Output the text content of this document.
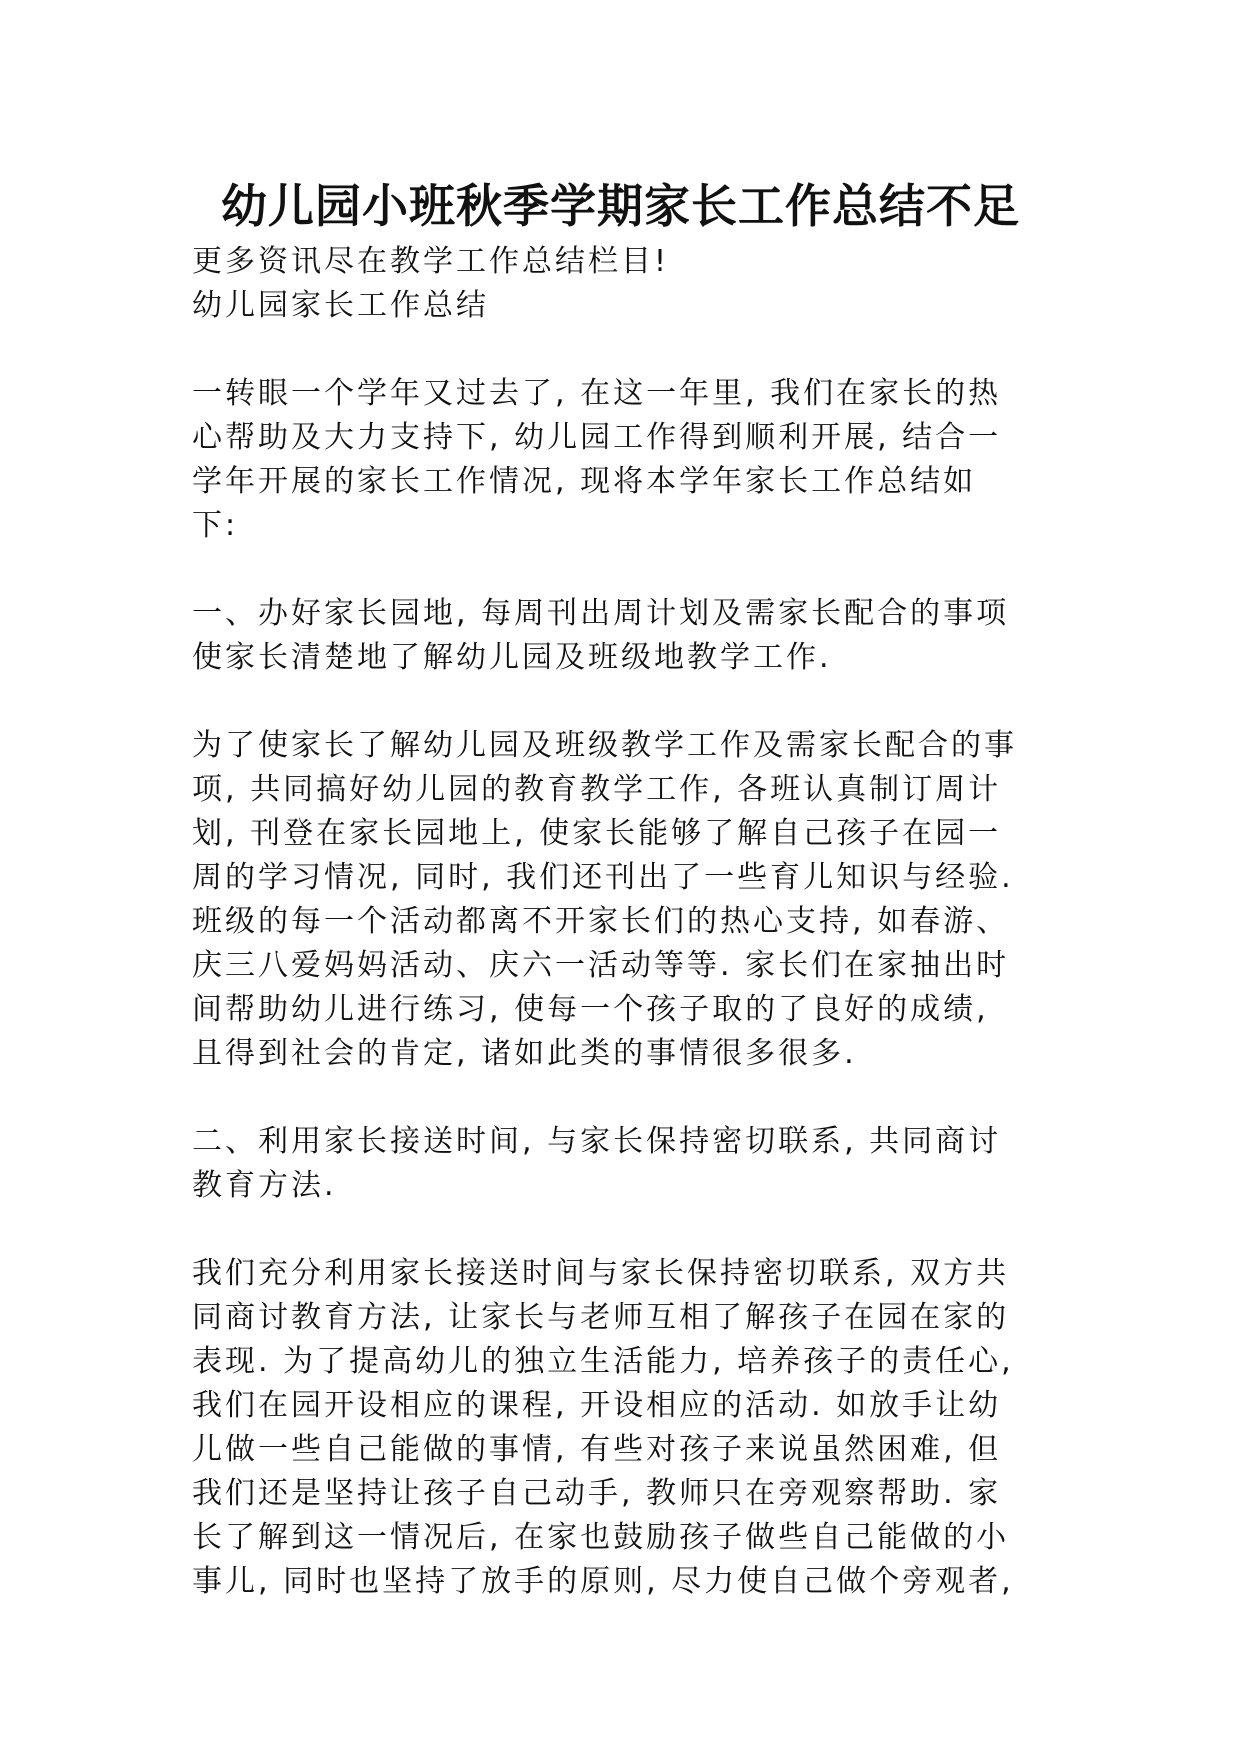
幼儿园小班秋季学期家长工作总结不足
更多资讯尽在教学工作总结栏目!
幼儿园家长工作总结
一转眼一个学年又过去了, 在这一年里, 我们在家长的热
心帮助及大力支持下, 幼儿园工作得到顺利开展, 结合一
学年开展的家长工作情况, 现将本学年家长工作总结如
下:
一、办好家长园地, 每周刊出周计划及需家长配合的事项
使家长清楚地了解幼儿园及班级地教学工作.
为了使家长了解幼儿园及班级教学工作及需家长配合的事
项, 共同搞好幼儿园的教育教学工作, 各班认真制订周计
划, 刊登在家长园地上, 使家长能够了解自己孩子在园一
周的学习情况, 同时, 我们还刊出了一些育儿知识与经验.
班级的每一个活动都离不开家长们的热心支持, 如春游、
庆三八爱妈妈活动、庆六一活动等等. 家长们在家抽出时
间帮助幼儿进行练习, 使每一个孩子取的了良好的成绩,
且得到社会的肯定, 诸如此类的事情很多很多.
二、利用家长接送时间, 与家长保持密切联系, 共同商讨
教育方法.
我们充分利用家长接送时间与家长保持密切联系, 双方共
同商讨教育方法, 让家长与老师互相了解孩子在园在家的
表现. 为了提高幼儿的独立生活能力, 培养孩子的责任心,
我们在园开设相应的课程, 开设相应的活动. 如放手让幼
儿做一些自己能做的事情, 有些对孩子来说虽然困难, 但
我们还是坚持让孩子自己动手, 教师只在旁观察帮助. 家
长了解到这一情况后, 在家也鼓励孩子做些自己能做的小
事儿, 同时也坚持了放手的原则, 尽力使自己做个旁观者,
